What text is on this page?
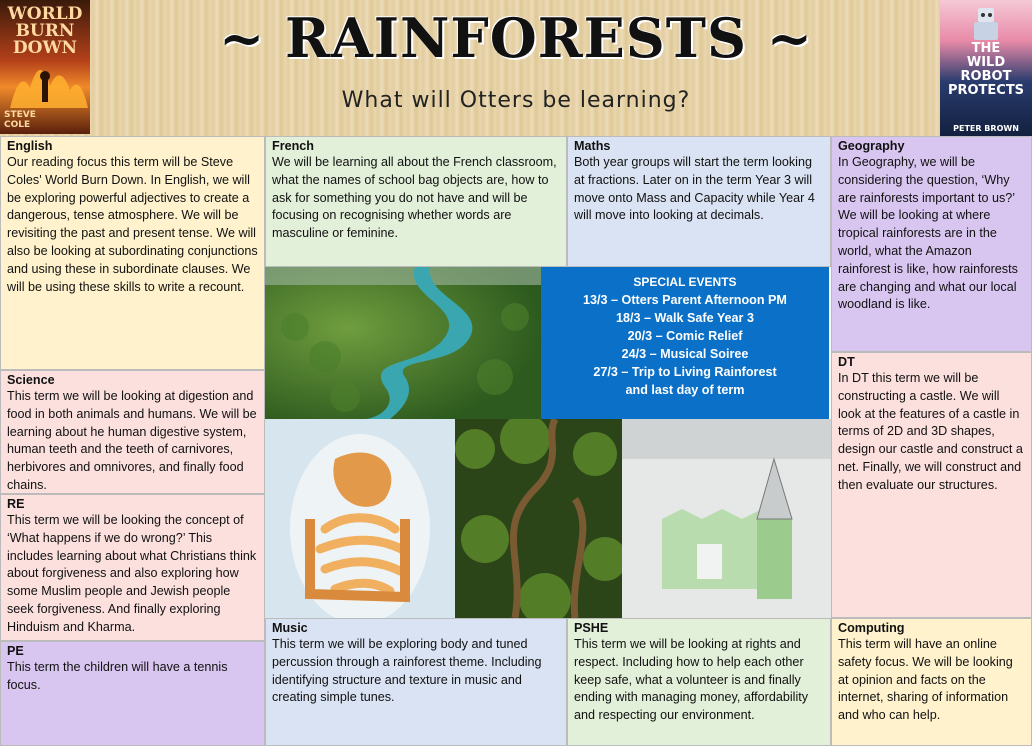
~ RAINFORESTS ~
What will Otters be learning?
WORLD
BURN
DOWN
STEVE
COLE
THE
WILD
ROBOT
PROTECTS
PETER BROWN
English

Our reading focus this term will be Steve Coles' World Burn Down. In English, we will be exploring powerful adjectives to create a dangerous, tense atmosphere. We will be revisiting the past and present tense. We will also be looking at subordinating conjunctions and using these in subordinate clauses. We will be using these skills to write a recount.

French

We will be learning all about the French classroom, what the names of school bag objects are, how to ask for something you do not have and will be focusing on recognising whether words are masculine or feminine.

Maths

Both year groups will start the term looking at fractions. Later on in the term Year 3 will move onto Mass and Capacity while Year 4 will move into looking at decimals.

Geography

In Geography, we will be considering the question, ‘Why are rainforests important to us?’ We will be looking at where tropical rainforests are in the world, what the Amazon rainforest is like, how rainforests are changing and what our local woodland is like.

SPECIAL EVENTS
13/3 – Otters Parent Afternoon PM
18/3 – Walk Safe Year 3
20/3 – Comic Relief
24/3 – Musical Soiree
27/3 – Trip to Living Rainforest
and last day of term
DT

In DT this term we will be constructing a castle. We will look at the features of a castle in terms of 2D and 3D shapes, design our castle and construct a net. Finally, we will construct and then evaluate our structures.

Science

This term we will be looking at digestion and food in both animals and humans. We will be learning about he human digestive system, human teeth and the teeth of carnivores, herbivores and omnivores, and finally food chains.

RE

This term we will be looking the concept of ‘What happens if we do wrong?’ This includes learning about what Christians think about forgiveness and also exploring how some Muslim people and Jewish people seek forgiveness. And finally exploring Hinduism and Kharma.

PE

This term the children will have a tennis focus.

Music

This term we will be exploring body and tuned percussion through a rainforest theme. Including identifying structure and texture in music and creating simple tunes.

PSHE

This term we will be looking at rights and respect. Including how to help each other keep safe, what a volunteer is and finally ending with managing money, affordability and respecting our environment.

Computing

This term will have an online safety focus. We will be looking at opinion and facts on the internet, sharing of information and who can help.
